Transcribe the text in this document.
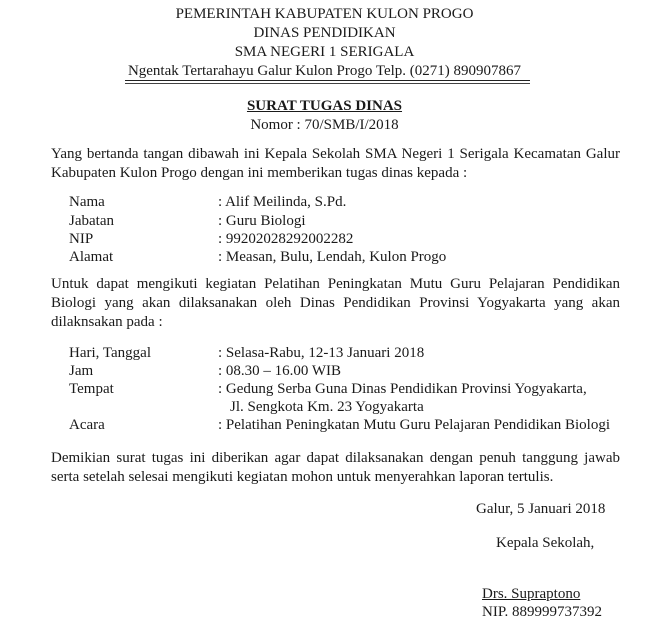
PEMERINTAH KABUPATEN KULON PROGO
DINAS PENDIDIKAN
SMA NEGERI 1 SERIGALA
Ngentak Tertarahayu Galur Kulon Progo Telp. (0271) 890907867
SURAT TUGAS DINAS
Nomor : 70/SMB/I/2018
Yang bertanda tangan dibawah ini Kepala Sekolah SMA Negeri 1 Serigala Kecamatan Galur Kabupaten Kulon Progo dengan ini memberikan tugas dinas kepada :
Nama	: Alif Meilinda, S.Pd.
Jabatan	: Guru Biologi
NIP	: 99202028292002282
Alamat	: Measan, Bulu, Lendah, Kulon Progo
Untuk dapat mengikuti kegiatan Pelatihan Peningkatan Mutu Guru Pelajaran Pendidikan Biologi yang akan dilaksanakan oleh Dinas Pendidikan Provinsi Yogyakarta yang akan dilaknsakan pada :
Hari, Tanggal	: Selasa-Rabu, 12-13 Januari 2018
Jam	: 08.30 – 16.00 WIB
Tempat	: Gedung Serba Guna Dinas Pendidikan Provinsi Yogyakarta,
Jl. Sengkota Km. 23 Yogyakarta
Acara	: Pelatihan Peningkatan Mutu Guru Pelajaran Pendidikan Biologi
Demikian surat tugas ini diberikan agar dapat dilaksanakan dengan penuh tanggung jawab serta setelah selesai mengikuti kegiatan mohon untuk menyerahkan laporan tertulis.
Galur, 5 Januari 2018
Kepala Sekolah,
Drs. Supraptono
NIP. 889999737392
